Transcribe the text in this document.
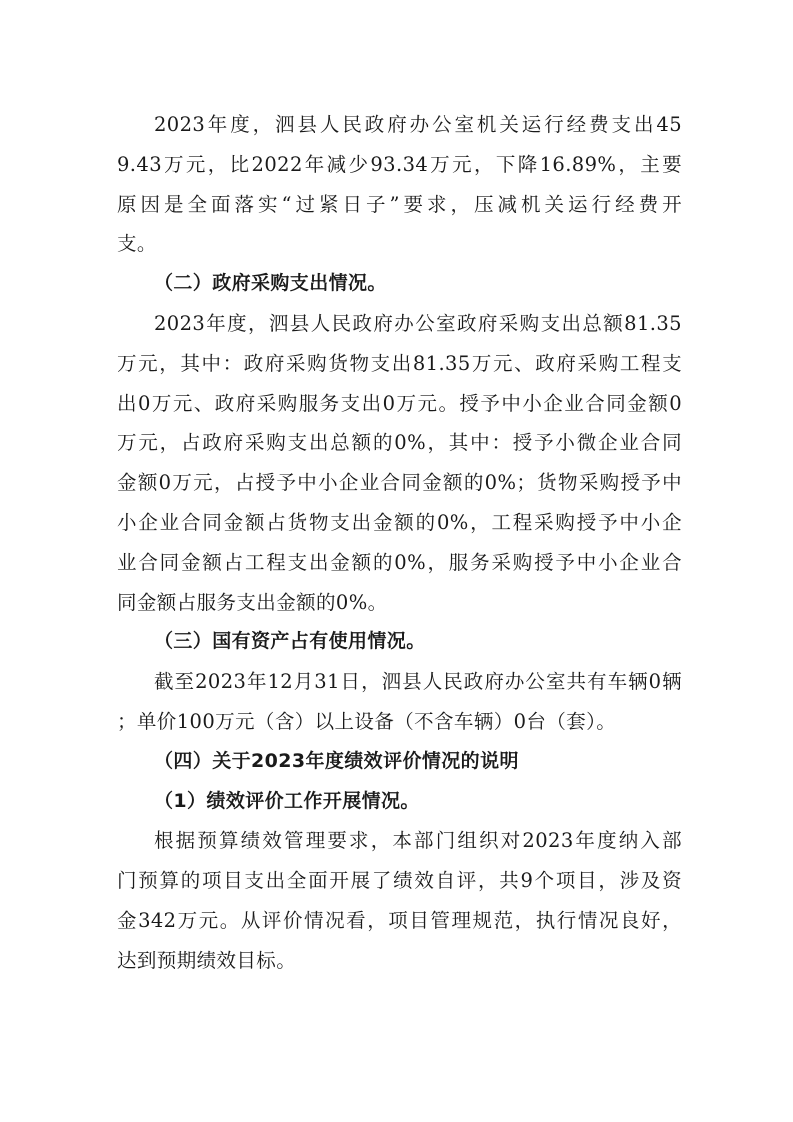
2023年度，泗县人民政府办公室机关运行经费支出45
9.43万元，比2022年减少93.34万元，下降16.89%，主要
原因是全面落实“过紧日子”要求，压减机关运行经费开
支。
（二）政府采购支出情况。
2023年度，泗县人民政府办公室政府采购支出总额81.35
万元，其中：政府采购货物支出81.35万元、政府采购工程支
出0万元、政府采购服务支出0万元。授予中小企业合同金额0
万元，占政府采购支出总额的0%，其中：授予小微企业合同
金额0万元，占授予中小企业合同金额的0%；货物采购授予中
小企业合同金额占货物支出金额的0%，工程采购授予中小企
业合同金额占工程支出金额的0%，服务采购授予中小企业合
同金额占服务支出金额的0%。
（三）国有资产占有使用情况。
截至2023年12月31日，泗县人民政府办公室共有车辆0辆
；单价100万元（含）以上设备（不含车辆）0台（套）。
（四）关于2023年度绩效评价情况的说明
（1）绩效评价工作开展情况。
根据预算绩效管理要求，本部门组织对2023年度纳入部
门预算的项目支出全面开展了绩效自评，共9个项目，涉及资
金342万元。从评价情况看，项目管理规范，执行情况良好，
达到预期绩效目标。
